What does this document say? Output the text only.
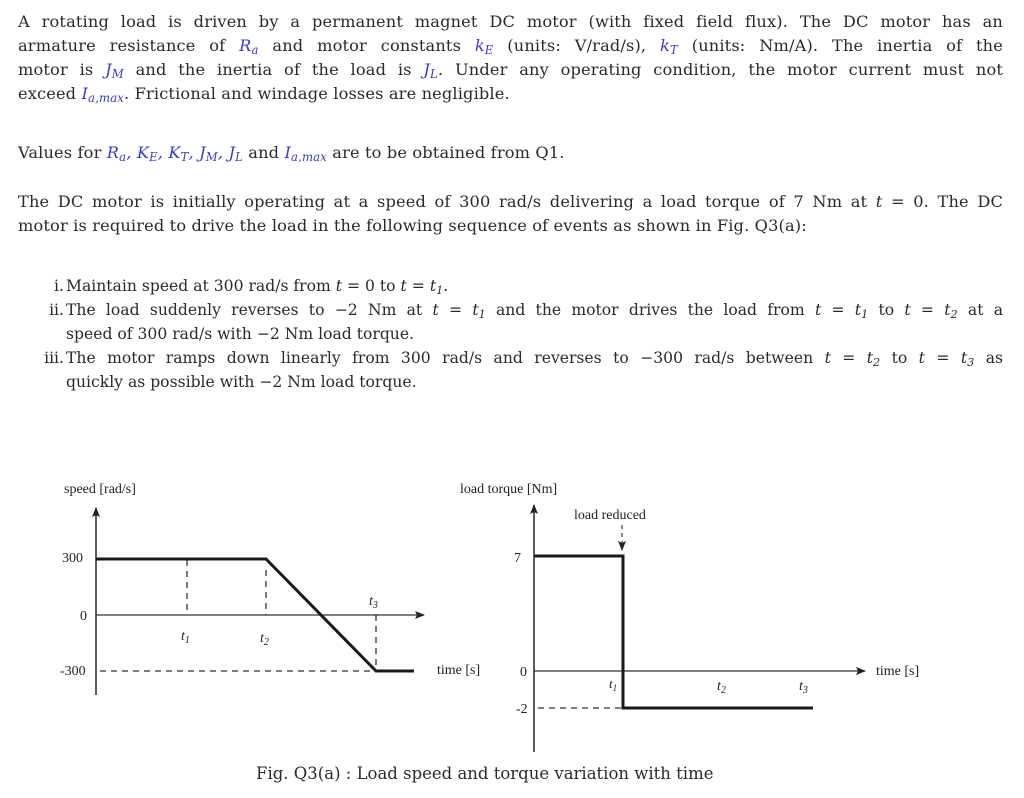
A rotating load is driven by a permanent magnet DC motor (with fixed field flux). The DC motor has an
armature resistance of $R_a$ and motor constants $k_E$ (units: V/rad/s), $k_T$ (units: Nm/A). The inertia of the
motor is $J_M$ and the inertia of the load is $J_L$. Under any operating condition, the motor current must not
exceed $I_{a,max}$. Frictional and windage losses are negligible.
Values for $R_a$, $K_E$, $K_T$, $J_M$, $J_L$ and $I_{a,max}$ are to be obtained from Q1.
The DC motor is initially operating at a speed of 300 rad/s delivering a load torque of 7 Nm at t = 0. The DC
motor is required to drive the load in the following sequence of events as shown in Fig. Q3(a):
i. Maintain speed at 300 rad/s from t = 0 to $t = t_1$.
ii. The load suddenly reverses to −2 Nm at $t = t_1$ and the motor drives the load from $t = t_1$ to $t = t_2$ at a
speed of 300 rad/s with −2 Nm load torque.
iii. The motor ramps down linearly from 300 rad/s and reverses to −300 rad/s between $t = t_2$ to $t = t_3$ as
quickly as possible with −2 Nm load torque.
speed [rad/s]
300
0
-300
$t_1$	$t_2$
$t_3$
load torque [Nm]
time [s]	time [s]
7
0
-2
load reduced
$t_1$	$t_2$	$t_3$
Fig. Q3(a) : Load speed and torque variation with time
